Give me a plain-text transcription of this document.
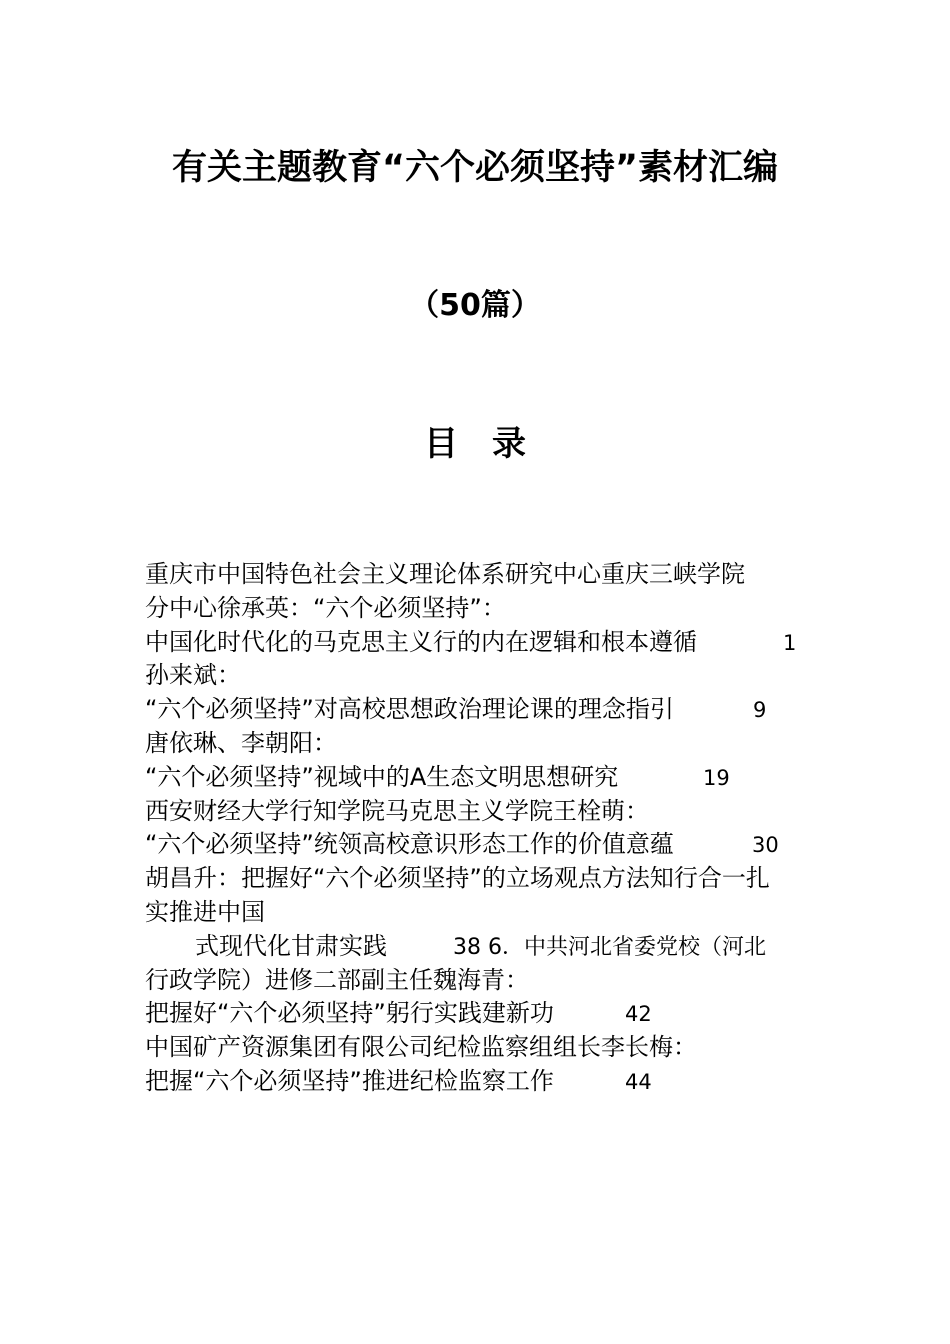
有关主题教育“六个必须坚持”素材汇编
（50篇）
目 录
重庆市中国特色社会主义理论体系研究中心重庆三峡学院
分中心徐承英：“六个必须坚持”：
中国化时代化的马克思主义行的内在逻辑和根本遵循	1
孙来斌：
“六个必须坚持”对高校思想政治理论课的理念指引	9
唐依琳、李朝阳：
“六个必须坚持”视域中的A生态文明思想研究	19
西安财经大学行知学院马克思主义学院王栓萌：
“六个必须坚持”统领高校意识形态工作的价值意蕴	30
胡昌升：把握好“六个必须坚持”的立场观点方法知行合一扎
实推进中国
式现代化甘肃实践	38 6．中共河北省委党校（河北
行政学院）进修二部副主任魏海青：
把握好“六个必须坚持”躬行实践建新功	42
中国矿产资源集团有限公司纪检监察组组长李长梅：
把握“六个必须坚持”推进纪检监察工作	44
